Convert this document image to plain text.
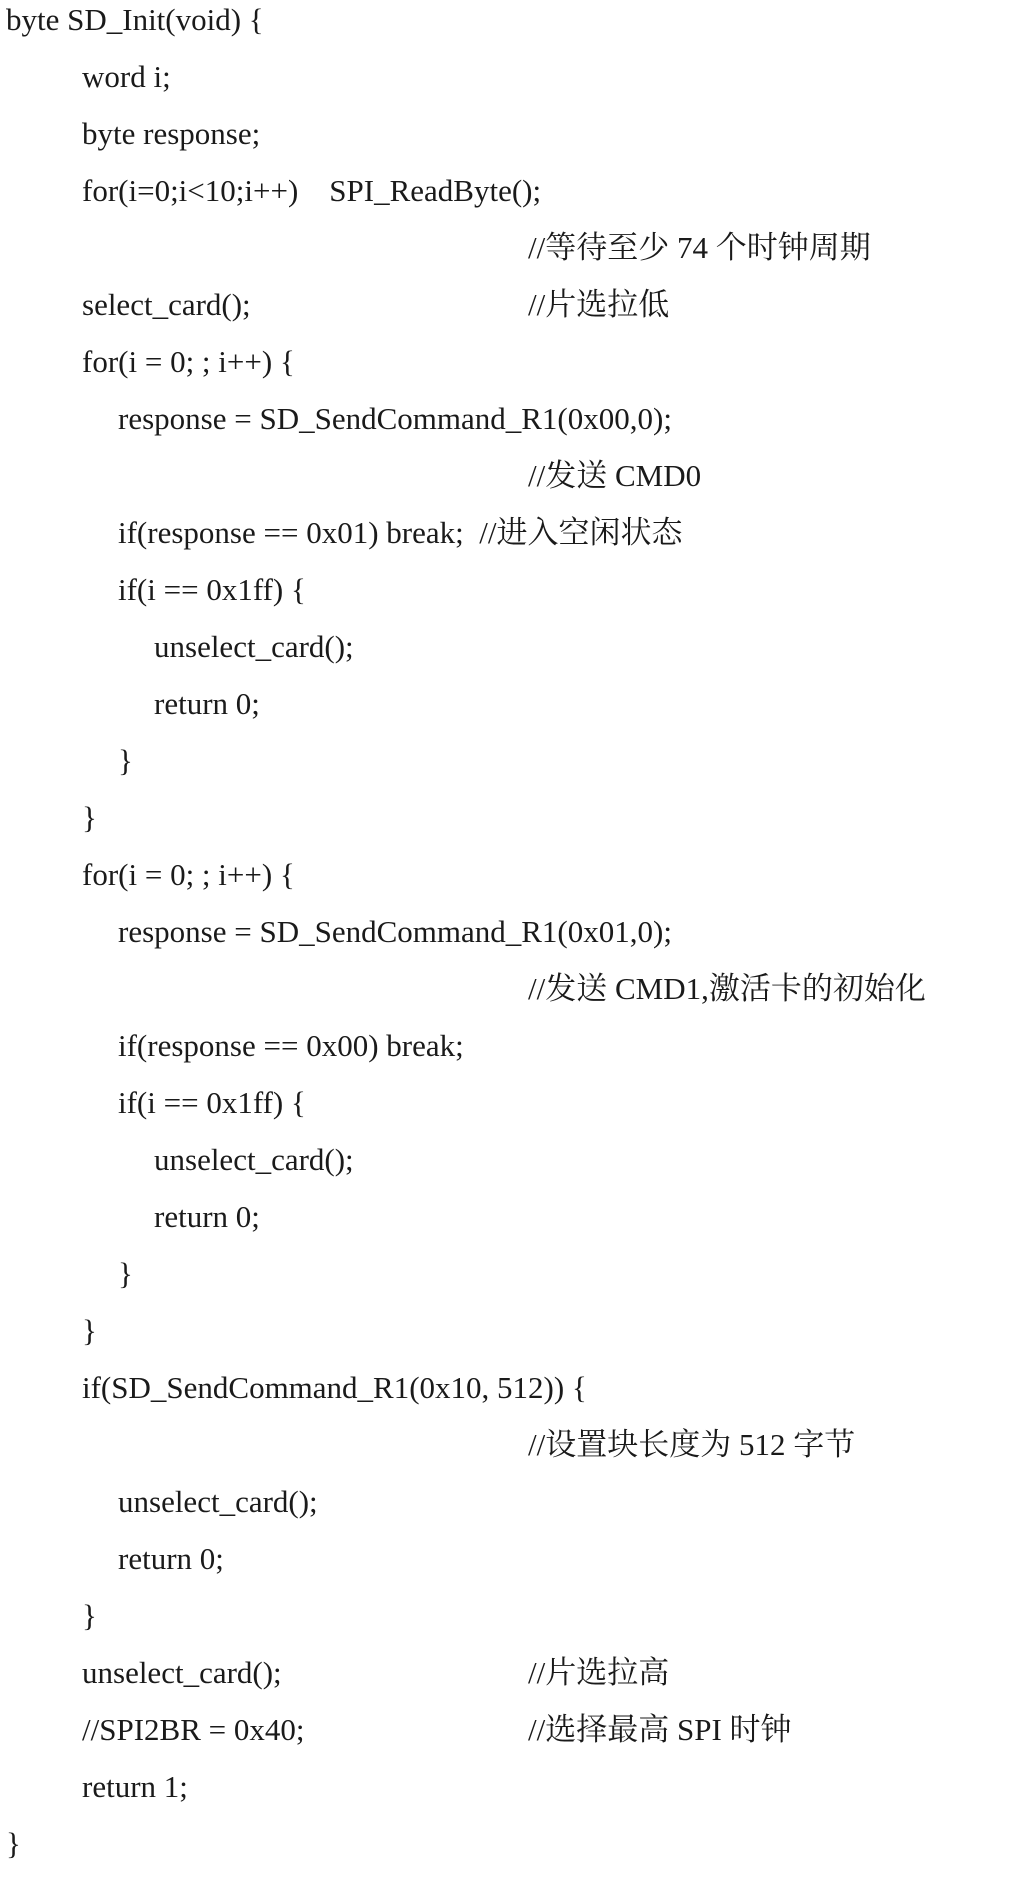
byte SD_Init(void) {
word i;
byte response;
for(i=0;i<10;i++)    SPI_ReadByte();
//等待至少 74 个时钟周期
select_card();	//片选拉低
for(i = 0; ; i++) {
response = SD_SendCommand_R1(0x00,0);
//发送 CMD0
if(response == 0x01) break;  //进入空闲状态
if(i == 0x1ff) {
unselect_card();
return 0;
}
}
for(i = 0; ; i++) {
response = SD_SendCommand_R1(0x01,0);
//发送 CMD1,激活卡的初始化
if(response == 0x00) break;
if(i == 0x1ff) {
unselect_card();
return 0;
}
}
if(SD_SendCommand_R1(0x10, 512)) {
//设置块长度为 512 字节
unselect_card();
return 0;
}
unselect_card();	//片选拉高
//SPI2BR = 0x40;	//选择最高 SPI 时钟
return 1;
}
